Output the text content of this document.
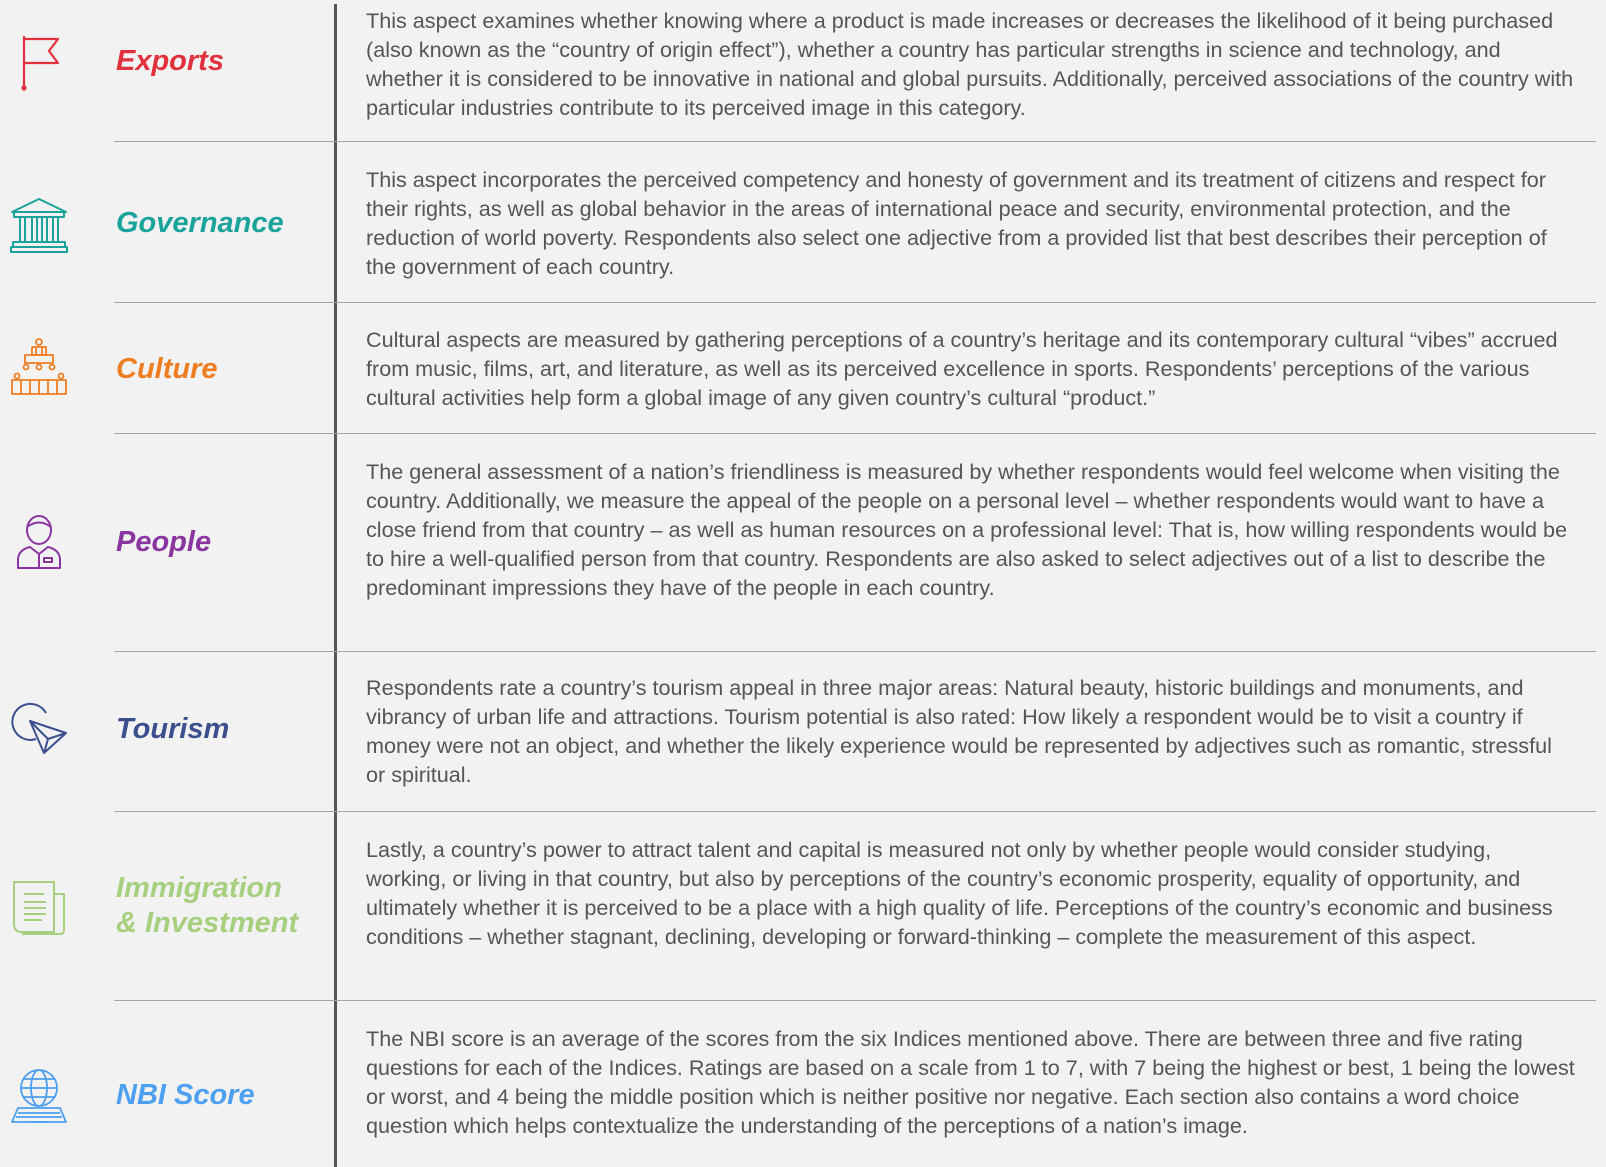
Exports
This aspect examines whether knowing where a product is made increases or decreases the likelihood of it being purchased (also known as the “country of origin effect”), whether a country has particular strengths in science and technology, and whether it is considered to be innovative in national and global pursuits. Additionally, perceived associations of the country with particular industries contribute to its perceived image in this category.
Governance
This aspect incorporates the perceived competency and honesty of government and its treatment of citizens and respect for their rights, as well as global behavior in the areas of international peace and security, environmental protection, and the reduction of world poverty. Respondents also select one adjective from a provided list that best describes their perception of the government of each country.
Culture
Cultural aspects are measured by gathering perceptions of a country’s heritage and its contemporary cultural “vibes” accrued from music, films, art, and literature, as well as its perceived excellence in sports. Respondents’ perceptions of the various cultural activities help form a global image of any given country’s cultural “product.”
People
The general assessment of a nation’s friendliness is measured by whether respondents would feel welcome when visiting the country. Additionally, we measure the appeal of the people on a personal level – whether respondents would want to have a close friend from that country – as well as human resources on a professional level: That is, how willing respondents would be to hire a well-qualified person from that country. Respondents are also asked to select adjectives out of a list to describe the predominant impressions they have of the people in each country.
Tourism
Respondents rate a country’s tourism appeal in three major areas: Natural beauty, historic buildings and monuments, and vibrancy of urban life and attractions. Tourism potential is also rated: How likely a respondent would be to visit a country if money were not an object, and whether the likely experience would be represented by adjectives such as romantic, stressful or spiritual.
Immigration
& Investment
Lastly, a country’s power to attract talent and capital is measured not only by whether people would consider studying, working, or living in that country, but also by perceptions of the country’s economic prosperity, equality of opportunity, and ultimately whether it is perceived to be a place with a high quality of life. Perceptions of the country’s economic and business conditions – whether stagnant, declining, developing or forward-thinking – complete the measurement of this aspect.
NBI Score
The NBI score is an average of the scores from the six Indices mentioned above. There are between three and five rating questions for each of the Indices. Ratings are based on a scale from 1 to 7, with 7 being the highest or best, 1 being the lowest or worst, and 4 being the middle position which is neither positive nor negative. Each section also contains a word choice question which helps contextualize the understanding of the perceptions of a nation’s image.
